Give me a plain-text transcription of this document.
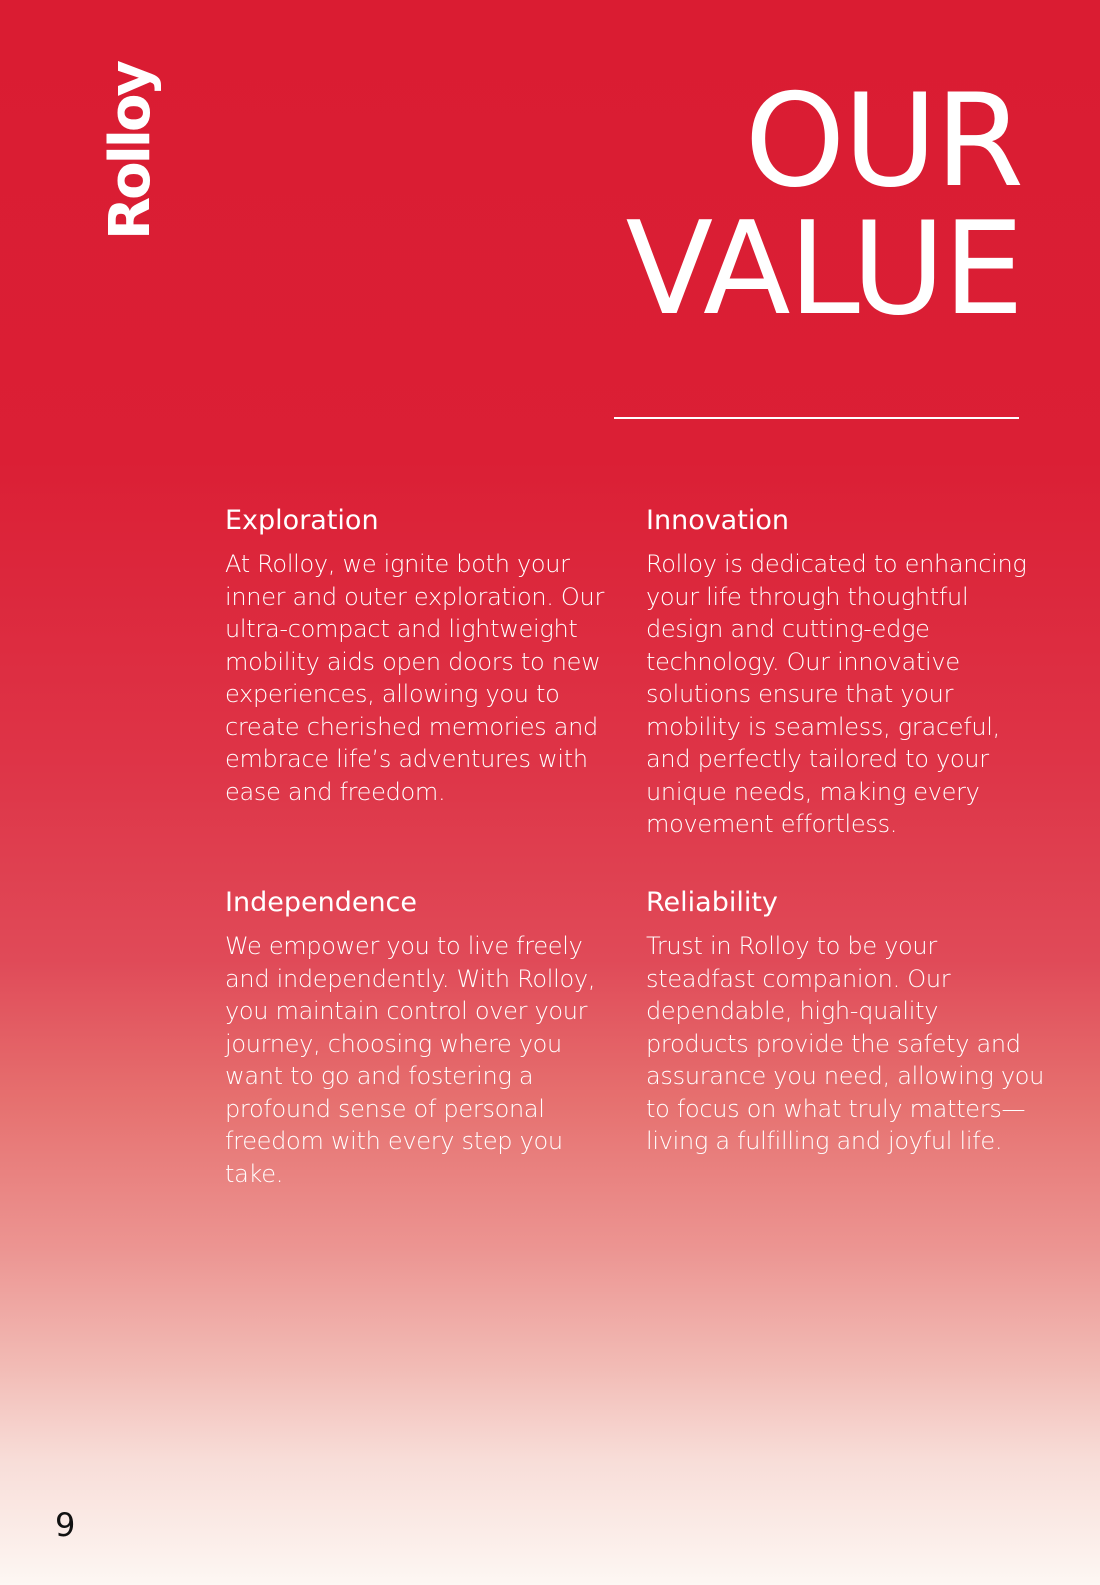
Rolloy	OUR
VALUE
Exploration

At Rolloy, we ignite both your inner and outer exploration. Our ultra-compact and lightweight mobility aids open doors to new experiences, allowing you to create cherished memories and embrace life’s adventures with ease and freedom.

Innovation

Rolloy is dedicated to enhancing your life through thoughtful design and cutting-edge technology. Our innovative solutions ensure that your mobility is seamless, graceful, and perfectly tailored to your unique needs, making every movement effortless.

Independence

We empower you to live freely and independently. With Rolloy, you maintain control over your journey, choosing where you want to go and fostering a profound sense of personal freedom with every step you take.

Reliability

Trust in Rolloy to be your steadfast companion. Our dependable, high-quality products provide the safety and assurance you need, allowing you to focus on what truly matters—living a fulfilling and joyful life.

9
